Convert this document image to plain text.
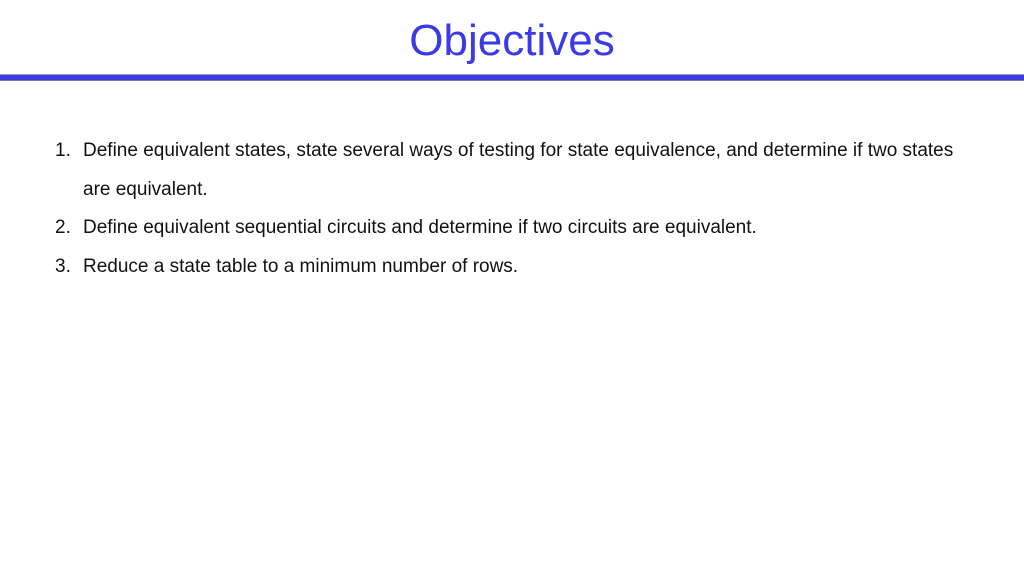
Objectives
1. Define equivalent states, state several ways of testing for state equivalence, and determine if two states are equivalent.
2. Define equivalent sequential circuits and determine if two circuits are equivalent.
3. Reduce a state table to a minimum number of rows.
